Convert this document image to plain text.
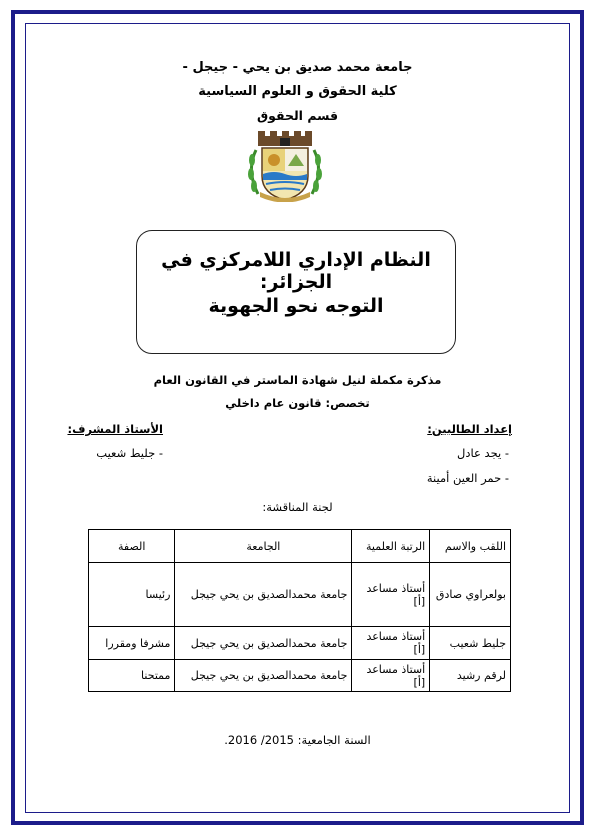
جامعة محمد صديق بن يحي - جيجل -
كلية الحقوق و العلوم السياسية
قسم الحقوق
النظام الإداري اللامركزي في الجزائر:
التوجه نحو الجهوية
مذكرة مكملة لنيل شهادة الماستر في القانون العام
تخصص: قانون عام داخلي
إعداد الطالبين:
- يجد عادل
- حمر العين أمينة
الأستاذ المشرف:
- جليط شعيب
لجنة المناقشة:
اللقب والاسم	الرتبة العلمية	الجامعة	الصفة
بولعراوي صادق	أستاذ مساعد [أ]	جامعة محمدالصديق بن يحي جيجل	رئيسا
جليط شعيب	أستاذ مساعد [أ]	جامعة محمدالصديق بن يحي جيجل	مشرفا ومقررا
لرقم رشيد	أستاذ مساعد [أ]	جامعة محمدالصديق بن يحي جيجل	ممتحنا
السنة الجامعية: 2015/ 2016.
